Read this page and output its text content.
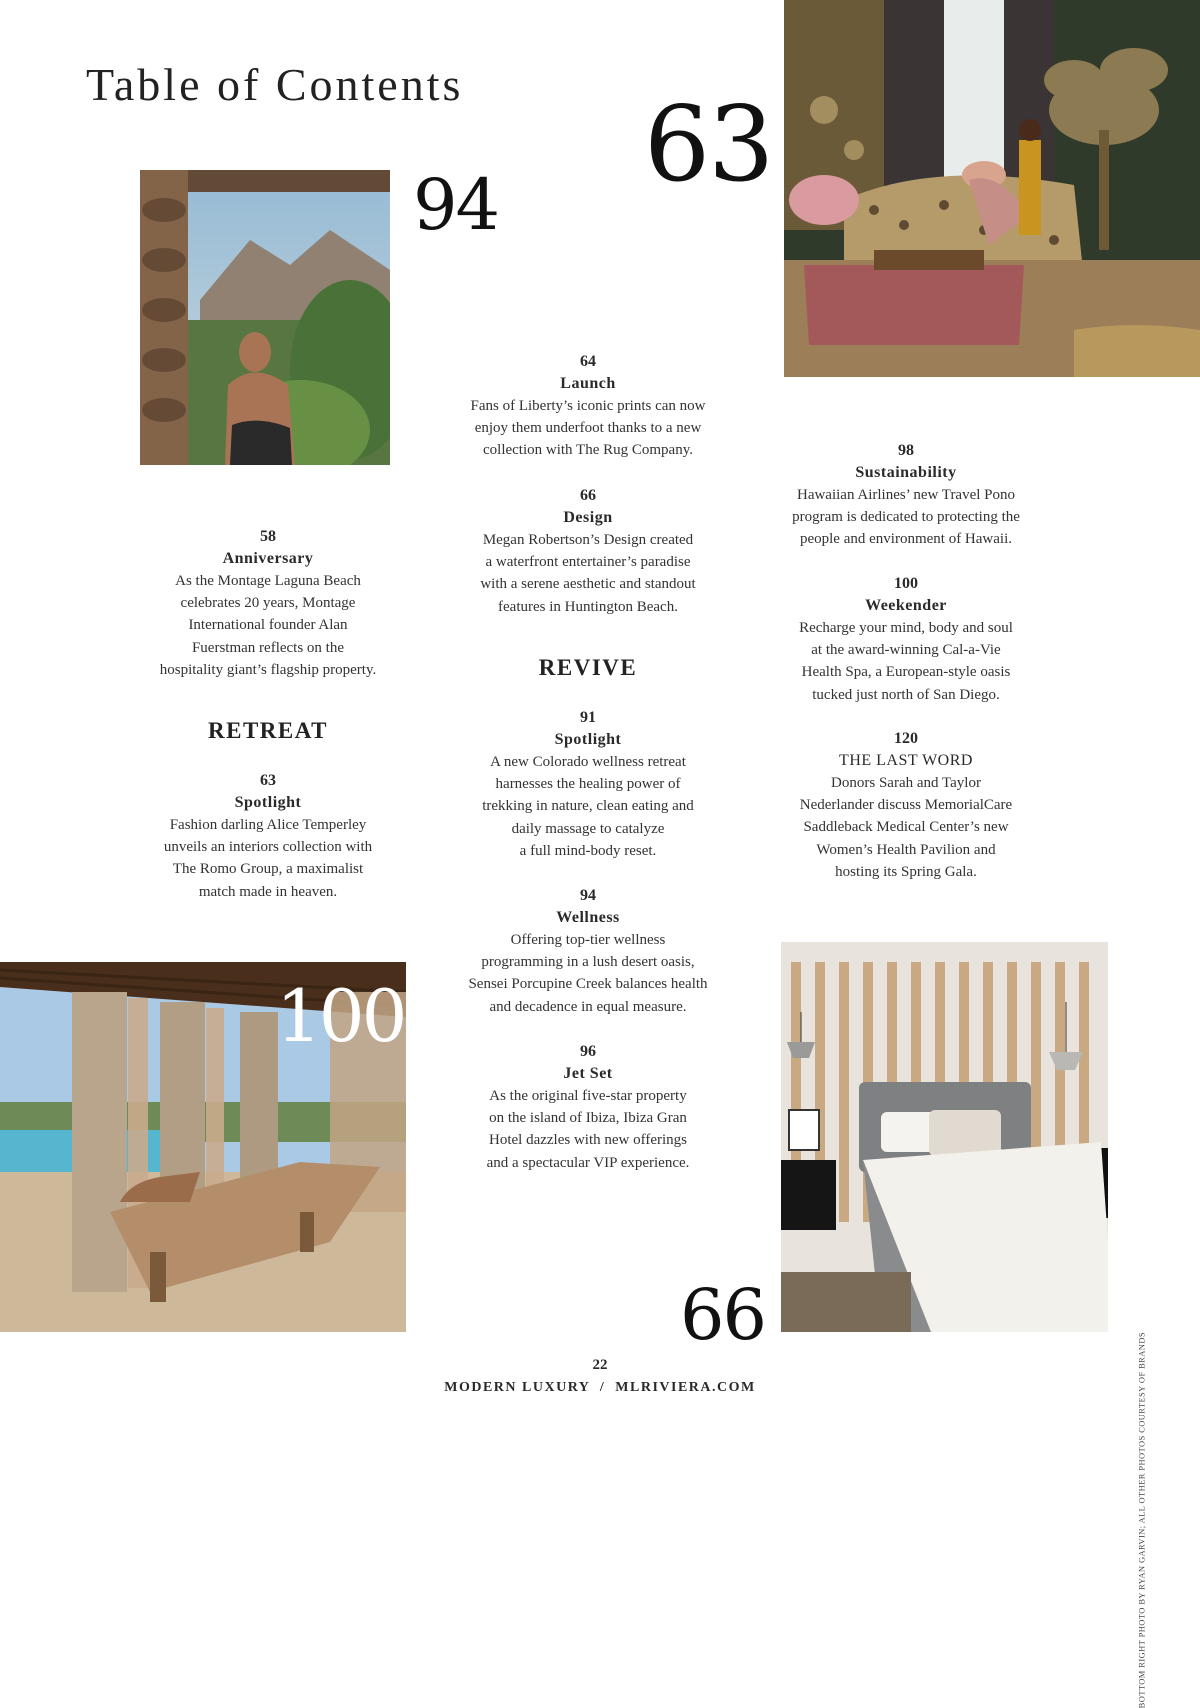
Table of Contents 63
94
100
66
58
Anniversary
As the Montage Laguna Beach
celebrates 20 years, Montage
International founder Alan
Fuerstman reflects on the
hospitality giant’s flagship property.
RETREAT
63
Spotlight
Fashion darling Alice Temperley
unveils an interiors collection with
The Romo Group, a maximalist
match made in heaven.
64
Launch
Fans of Liberty’s iconic prints can now
enjoy them underfoot thanks to a new
collection with The Rug Company.
66
Design
Megan Robertson’s Design created
a waterfront entertainer’s paradise
with a serene aesthetic and standout
features in Huntington Beach.
REVIVE
91
Spotlight
A new Colorado wellness retreat
harnesses the healing power of
trekking in nature, clean eating and
daily massage to catalyze
a full mind-body reset.
94
Wellness
Offering top-tier wellness
programming in a lush desert oasis,
Sensei Porcupine Creek balances health
and decadence in equal measure.
96
Jet Set
As the original five-star property
on the island of Ibiza, Ibiza Gran
Hotel dazzles with new offerings
and a spectacular VIP experience.
98
Sustainability
Hawaiian Airlines’ new Travel Pono
program is dedicated to protecting the
people and environment of Hawaii.
100
Weekender
Recharge your mind, body and soul
at the award-winning Cal-a-Vie
Health Spa, a European-style oasis
tucked just north of San Diego.
120
THE LAST WORD
Donors Sarah and Taylor
Nederlander discuss MemorialCare
Saddleback Medical Center’s new
Women’s Health Pavilion and
hosting its Spring Gala.
BOTTOM RIGHT PHOTO BY RYAN GARVIN; ALL OTHER PHOTOS COURTESY OF BRANDS
22
MODERN LUXURY  /  MLRIVIERA.COM
